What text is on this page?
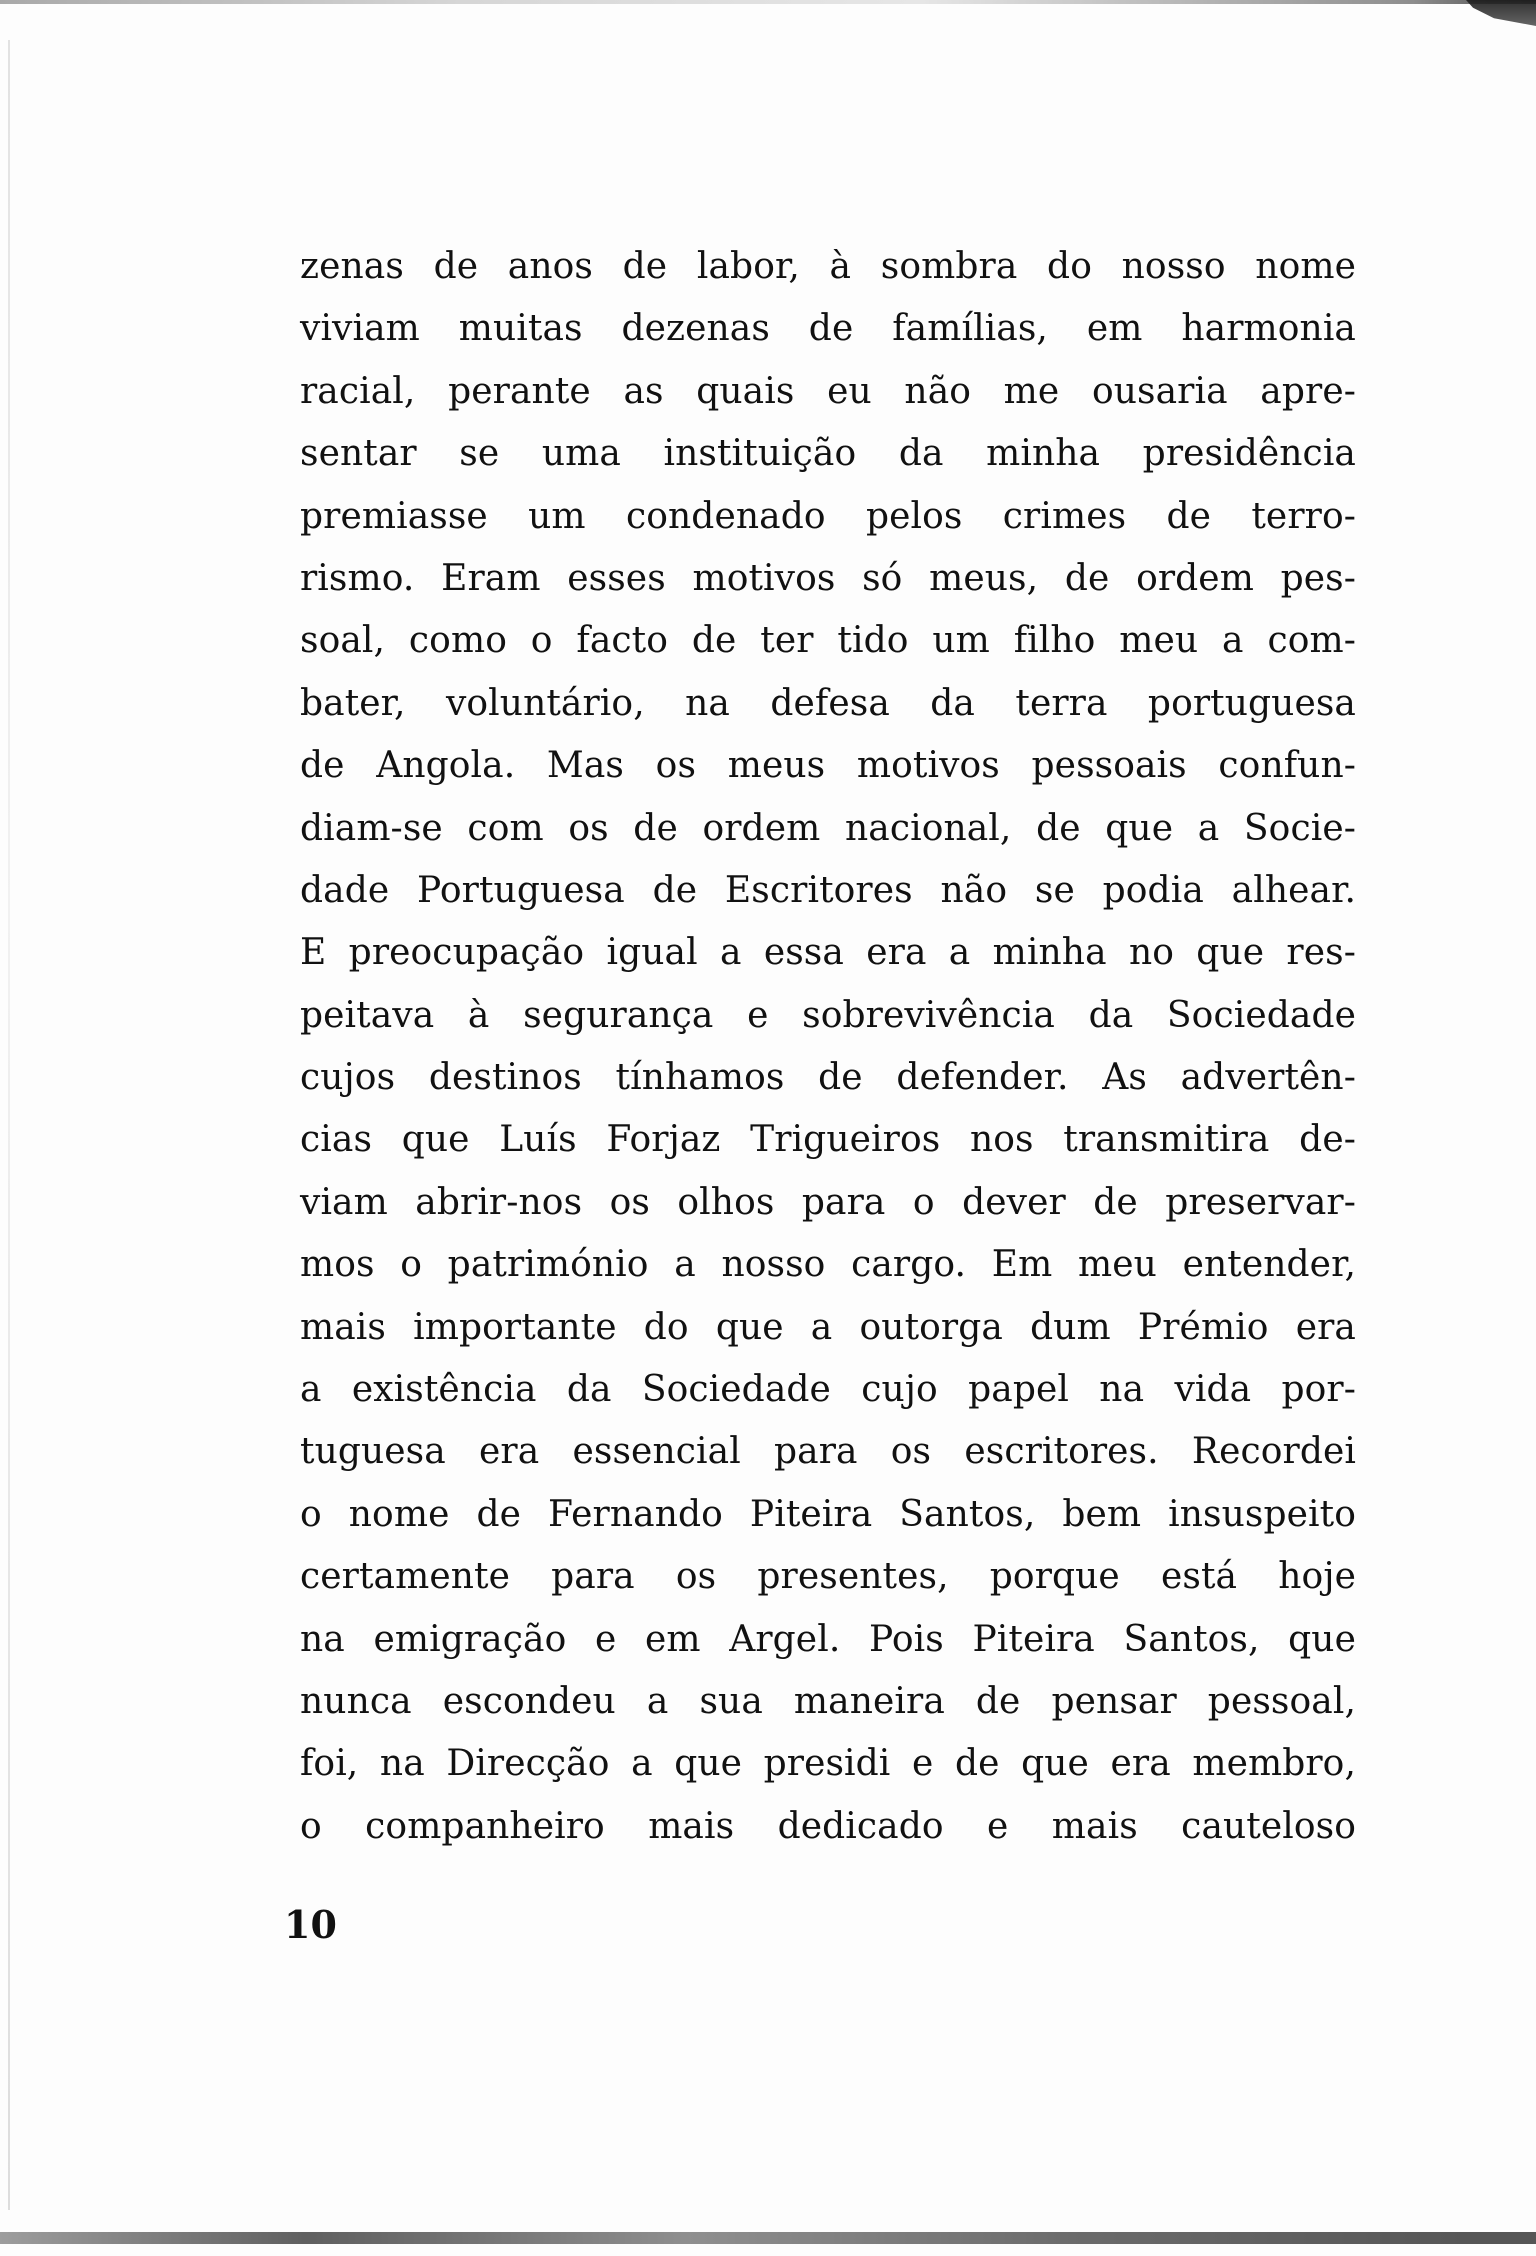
zenas de anos de labor, à sombra do nosso nome
viviam muitas dezenas de famílias, em harmonia
racial, perante as quais eu não me ousaria apre-
sentar se uma instituição da minha presidência
premiasse um condenado pelos crimes de terro-
rismo. Eram esses motivos só meus, de ordem pes-
soal, como o facto de ter tido um filho meu a com-
bater, voluntário, na defesa da terra portuguesa
de Angola. Mas os meus motivos pessoais confun-
diam-se com os de ordem nacional, de que a Socie-
dade Portuguesa de Escritores não se podia alhear.
E preocupação igual a essa era a minha no que res-
peitava à segurança e sobrevivência da Sociedade
cujos destinos tínhamos de defender. As advertên-
cias que Luís Forjaz Trigueiros nos transmitira de-
viam abrir-nos os olhos para o dever de preservar-
mos o património a nosso cargo. Em meu entender,
mais importante do que a outorga dum Prémio era
a existência da Sociedade cujo papel na vida por-
tuguesa era essencial para os escritores. Recordei
o nome de Fernando Piteira Santos, bem insuspeito
certamente para os presentes, porque está hoje
na emigração e em Argel. Pois Piteira Santos, que
nunca escondeu a sua maneira de pensar pessoal,
foi, na Direcção a que presidi e de que era membro,
o companheiro mais dedicado e mais cauteloso
10
